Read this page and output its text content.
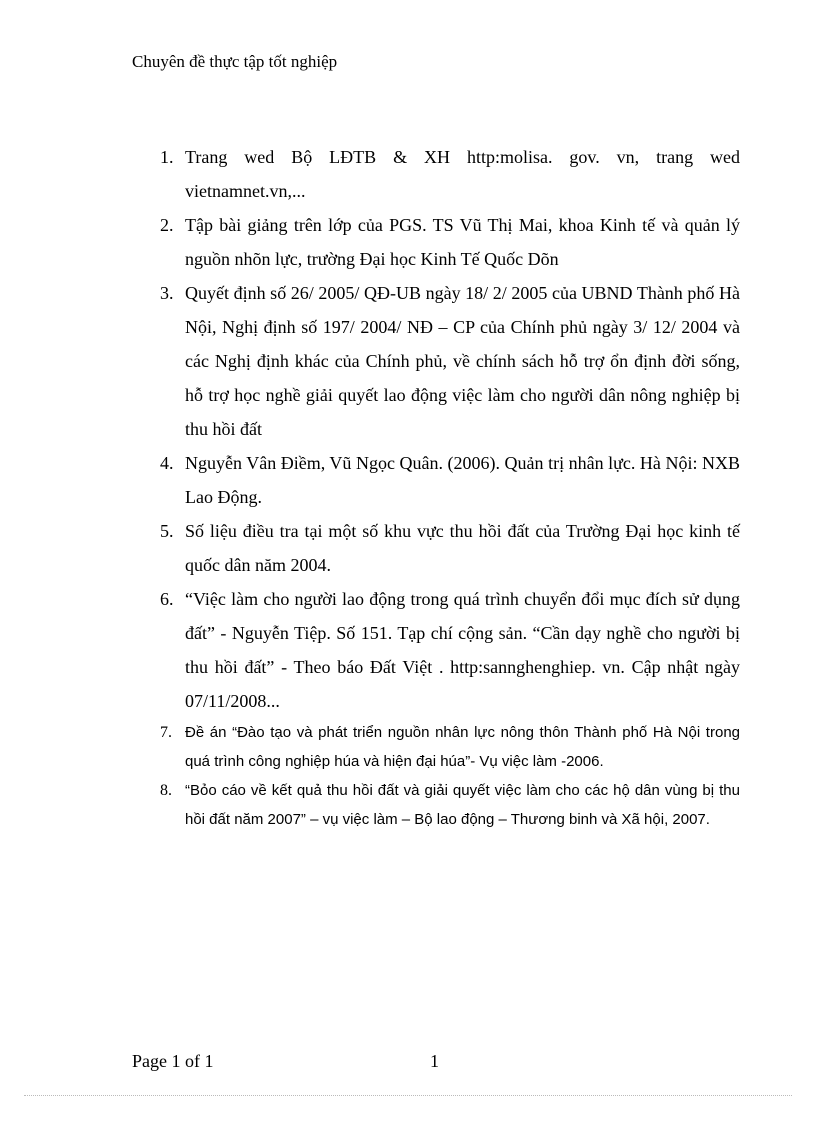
Chuyên đề thực tập tốt nghiệp
1. Trang wed Bộ LĐTB & XH http:molisa. gov. vn, trang wed vietnamnet.vn,...
2. Tập bài giảng trên lớp của PGS. TS Vũ Thị Mai, khoa Kinh tế và quản lý nguồn nhõn lực, trường Đại học Kinh Tế Quốc Dõn
3. Quyết định số 26/ 2005/ QĐ-UB ngày 18/ 2/ 2005 của UBND Thành phố Hà Nội, Nghị định số 197/ 2004/ NĐ – CP của Chính phủ ngày 3/ 12/ 2004 và các Nghị định khác của Chính phủ, về chính sách hỗ trợ ổn định đời sống, hỗ trợ học nghề giải quyết lao động việc làm cho người dân nông nghiệp bị thu hồi đất
4. Nguyễn Vân Điềm, Vũ Ngọc Quân. (2006). Quản trị nhân lực. Hà Nội: NXB Lao Động.
5. Số liệu điều tra tại một số khu vực thu hồi đất của Trường Đại học kinh tế quốc dân năm 2004.
6. “Việc làm cho người lao động trong quá trình chuyển đổi mục đích sử dụng đất” - Nguyễn Tiệp. Số 151. Tạp chí cộng sản. “Cần dạy nghề cho người bị thu hồi đất” - Theo báo Đất Việt . http:sannghenghiep. vn. Cập nhật ngày 07/11/2008...
7. Đề án “Đào tạo và phát triển nguồn nhân lực nông thôn Thành phố Hà Nội trong quá trình công nghiệp húa và hiện đại húa”- Vụ việc làm -2006.
8. “Bỏo cáo về kết quả thu hồi đất và giải quyết việc làm cho các hộ dân vùng bị thu hồi đất năm 2007” – vụ việc làm – Bộ lao động – Thương binh và Xã hội, 2007.
Page 1 of 1	1
